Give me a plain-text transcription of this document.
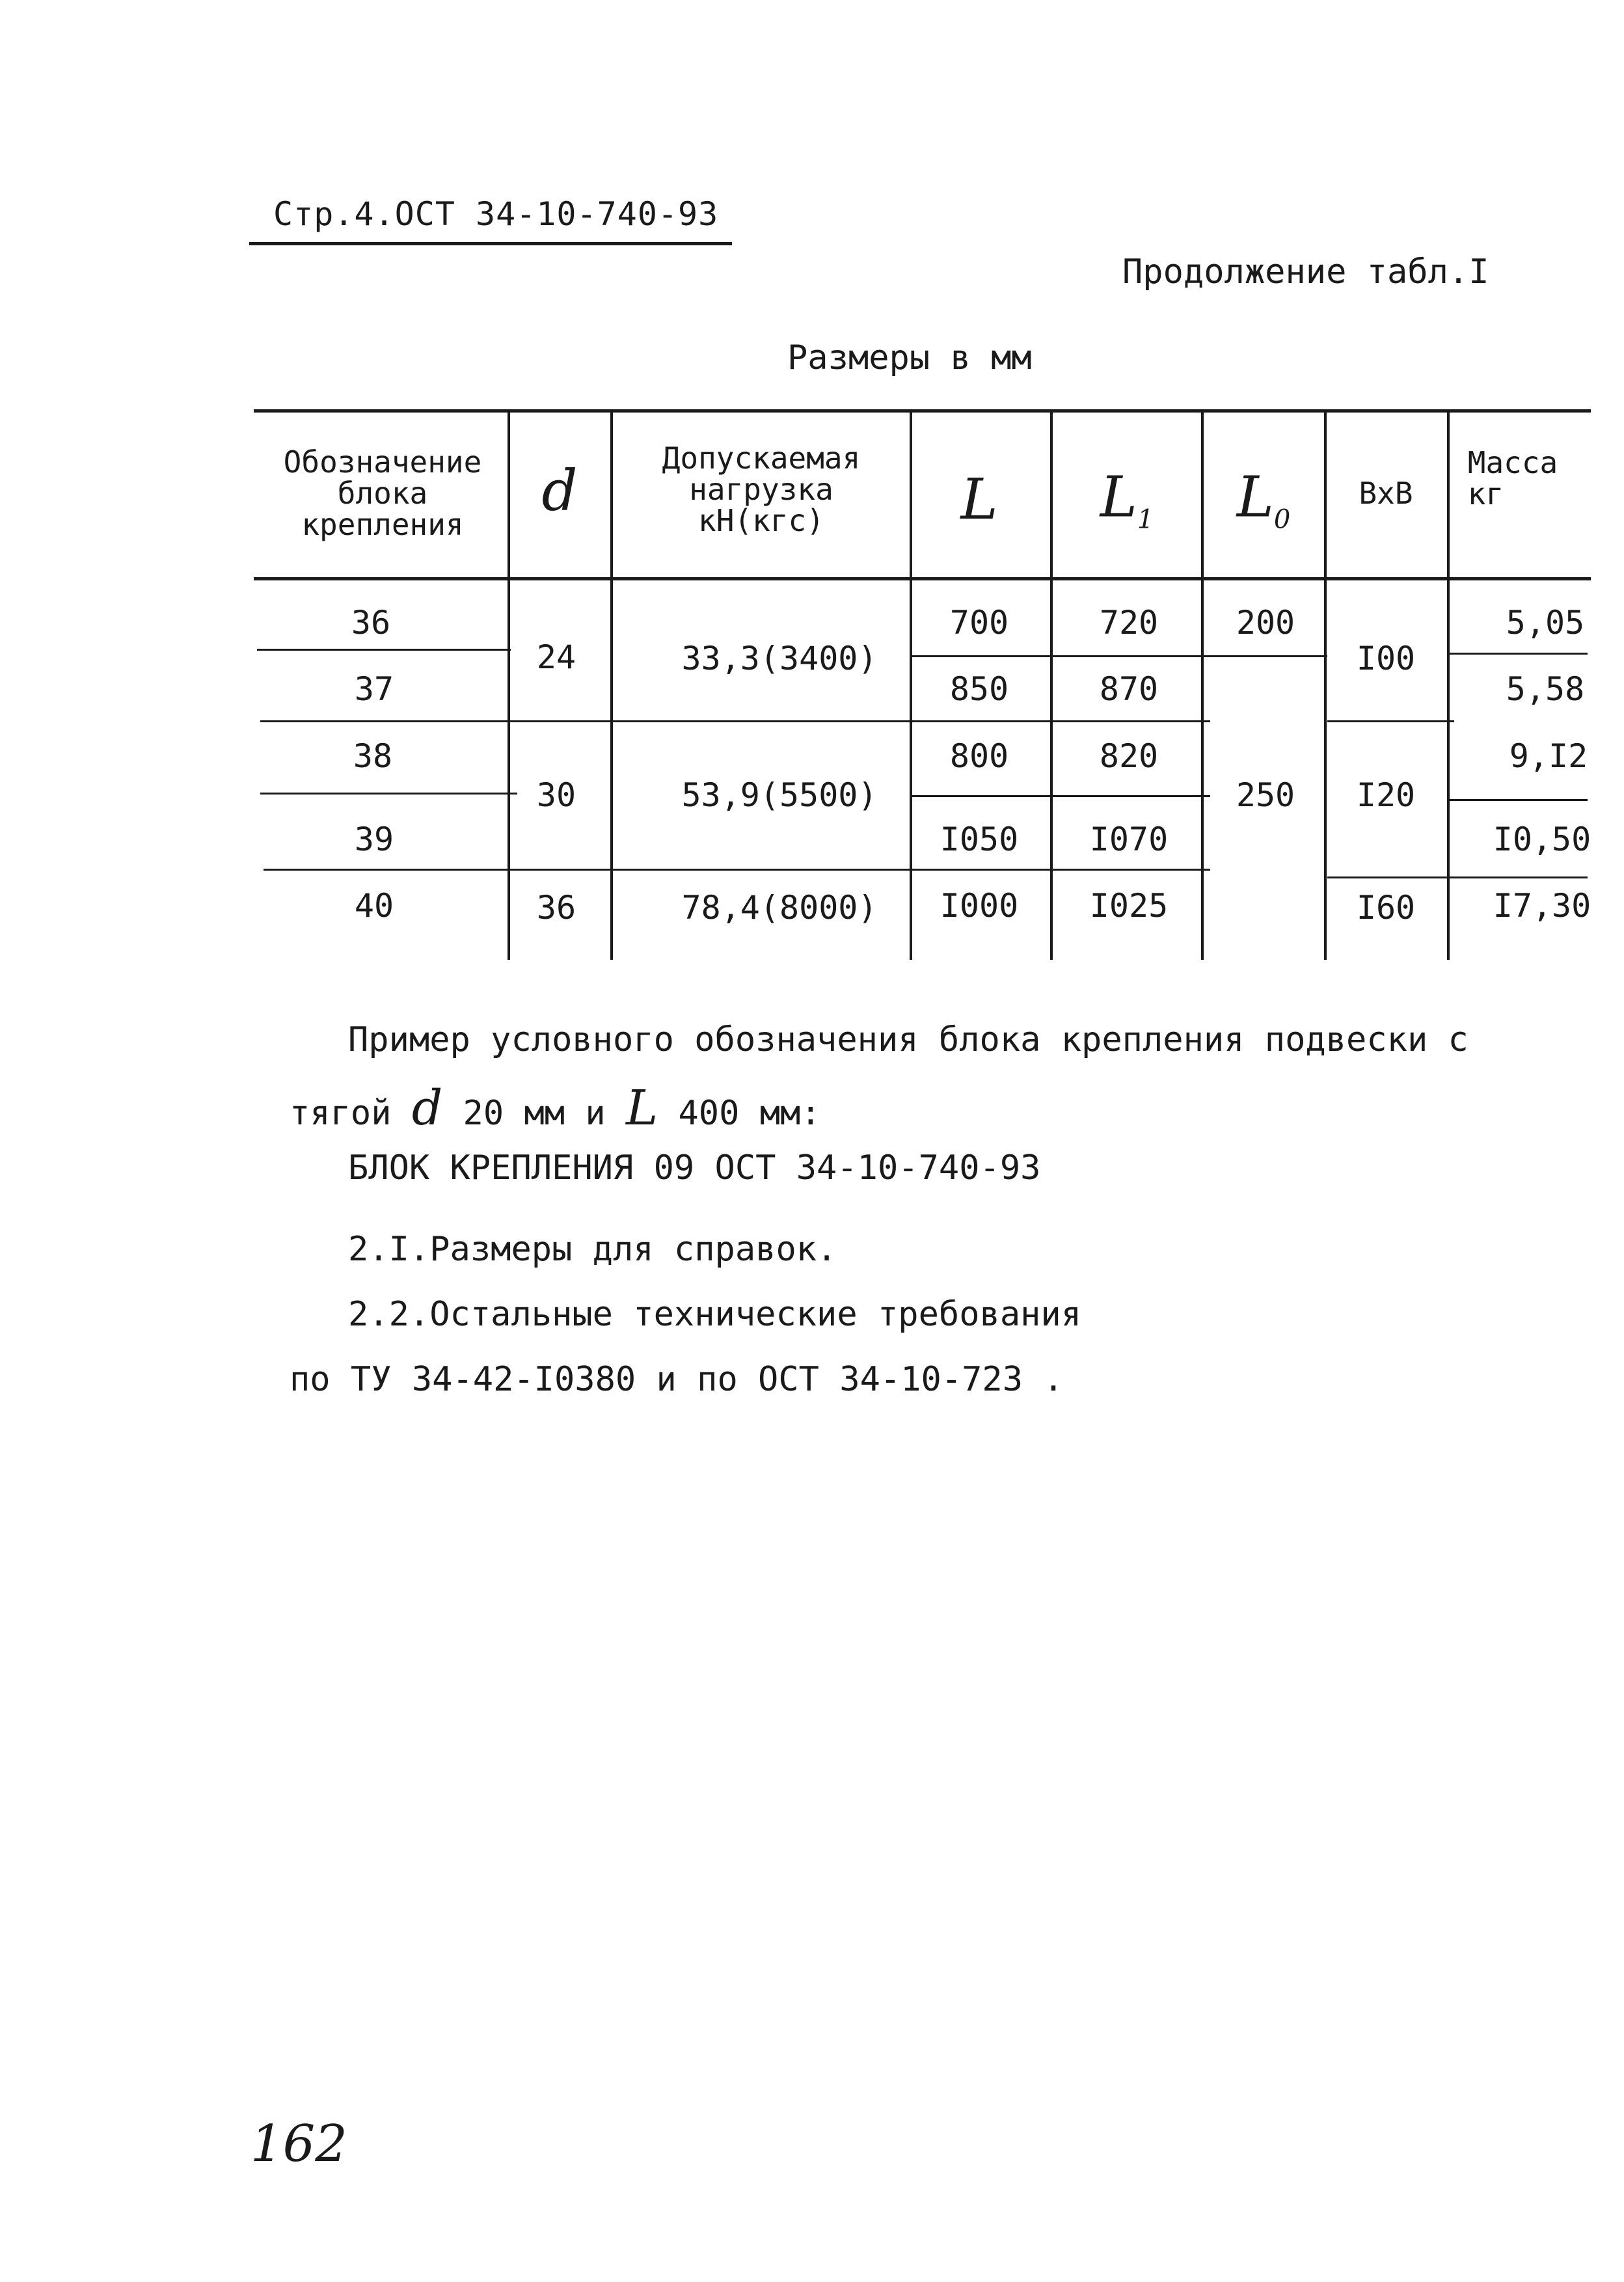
Стр.4.ОСТ 34-10-740-93
Продолжение табл.I
Размеры в мм
Обозначение
блока
крепления
d
Допускаемая
нагрузка
кН(кгс)	L $L_1$ $L_0$
BxB
Масса
кг
36
37
38
39
40
24
30
36
33,3(3400)
53,9(5500)
78,4(8000)
700
850
800
I050
I000
720
870
820
I070
I025
200
250
I00
I20
I60
5,05
5,58
9,I2
I0,50
I7,30
Пример условного обозначения блока крепления подвески с
тягой d 20 мм и L 400 мм:
БЛОК КРЕПЛЕНИЯ 09 ОСТ 34-10-740-93
2.I.Размеры для справок.
2.2.Остальные технические требования
по ТУ 34-42-I0380 и по ОСТ 34-10-723 .
162
